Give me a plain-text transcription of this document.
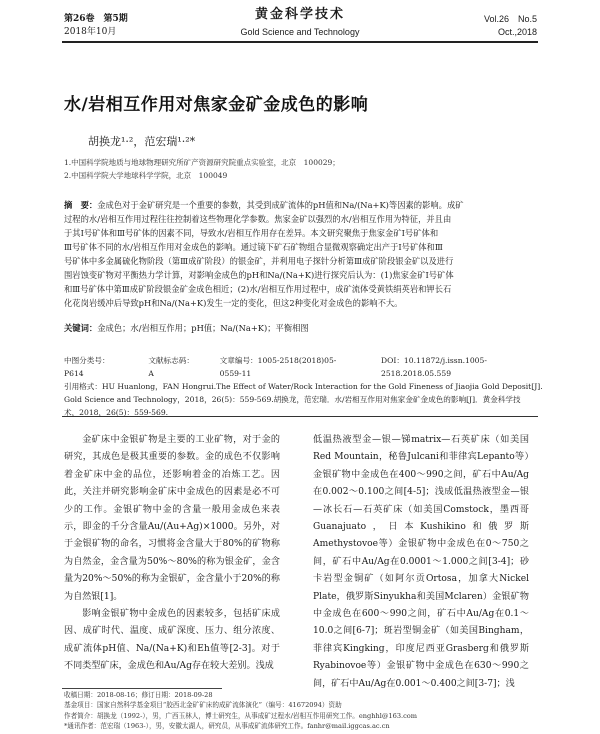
第26卷　第5期
2018年10月
黄金科学技术
Gold Science and Technology
Vol.26　No.5
Oct.,2018
水/岩相互作用对焦家金矿金成色的影响
胡换龙¹·²，范宏瑞¹·²*
1.中国科学院地质与地球物理研究所矿产资源研究院重点实验室，北京　100029；
2.中国科学院大学地球科学学院，北京　100049
摘　要：金成色对于金矿研究是一个重要的参数，其受到成矿流体的pH值和Na/(Na+K)等因素的影响。成矿
过程的水/岩相互作用过程往往控制着这些物理化学参数。焦家金矿以强烈的水/岩相互作用为特征，并且由
于其Ⅰ号矿体和Ⅲ号矿体的因素不同，导致水/岩相互作用存在差异。本文研究聚焦于焦家金矿Ⅰ号矿体和
Ⅲ号矿体不同的水/岩相互作用对金成色的影响。通过镜下矿石矿物组合显微观察确定出产于Ⅰ号矿体和Ⅲ
号矿体中多金属硫化物阶段（第Ⅲ成矿阶段）的银金矿，并利用电子探针分析第Ⅲ成矿阶段银金矿以及进行
围岩蚀变矿物对平衡热力学计算，对影响金成色的pH和Na/(Na+K)进行探究后认为：(1)焦家金矿Ⅰ号矿体
和Ⅲ号矿体中第Ⅲ成矿阶段银金矿金成色相近；(2)水/岩相互作用过程中，成矿流体受黄铁绢英岩和钾长石
化花岗岩缓冲后导致pH和Na/(Na+K)发生一定的变化，但这2种变化对金成色的影响不大。
关键词：金成色；水/岩相互作用；pH值；Na/(Na+K)；平衡相图
中图分类号：P614
文献标志码：A
文章编号：1005-2518(2018)05-0559-11
DOI：10.11872/j.issn.1005-2518.2018.05.559
引用格式：HU Huanlong，FAN Hongrui.The Effect of Water/Rock Interaction for the Gold Fineness of Jiaojia Gold Deposit[J].
Gold Science and Technology，2018，26(5)：559-569.胡换龙，范宏瑞．水/岩相互作用对焦家金矿金成色的影响[J]．黄金科学技
术，2018，26(5)：559-569.

金矿床中金银矿物是主要的工业矿物，对于金的研究，其成色是极其重要的参数。金的成色不仅影响着金矿床中金的品位，还影响着金的冶炼工艺。因此，关注并研究影响金矿床中金成色的因素是必不可少的工作。金银矿物中金的含量一般用金成色来表示，即金的千分含量Au/(Au+Ag)×1000。另外，对于金银矿物的命名，习惯将金含量大于80%的矿物称为自然金，金含量为50%～80%的称为银金矿，金含量为20%～50%的称为金银矿，金含量小于20%的称为自然银[1]。

影响金银矿物中金成色的因素较多，包括矿床成因、成矿时代、温度、成矿深度、压力、组分浓度、成矿流体pH值、Na/(Na+K)和Eh值等[2-3]。对于不同类型矿床，金成色和Au/Ag存在较大差别。浅成

低温热液型金—银—锑matrix—石英矿床（如美国Red Mountain，秘鲁Julcani和菲律宾Lepanto等）金银矿物中金成色在400～990之间，矿石中Au/Ag在0.002～0.100之间[4-5]；浅成低温热液型金—银—冰长石—石英矿床（如美国Comstock，墨西哥Guanajuato，日本Kushikino和俄罗斯Amethystovoe等）金银矿物中金成色在0～750之间，矿石中Au/Ag在0.0001～1.000之间[3-4]；砂卡岩型金铜矿（如阿尔贡Ortosa，加拿大Nickel Plate，俄罗斯Sinyukha和美国Mclaren）金银矿物中金成色在600～990之间，矿石中Au/Ag在0.1～10.0之间[6-7]；斑岩型铜金矿（如美国Bingham，菲律宾Kingking，印度尼西亚Grasberg和俄罗斯Ryabinovoe等）金银矿物中金成色在630～990之间，矿石中Au/Ag在0.001～0.400之间[3-7]；浅

收稿日期：2018-08-16；修订日期：2018-09-28
基金项目：国家自然科学基金项目“胶西北金矿矿床的成矿流体演化”（编号：41672094）资助
作者简介：胡换龙（1992-），男，广西玉林人，博士研究生，从事成矿过程水/岩相互作用研究工作。enghhl@163.com
*通讯作者：范宏瑞（1963-），男，安徽太湖人，研究员，从事成矿流体研究工作。fanhr@mail.iggcas.ac.cn
